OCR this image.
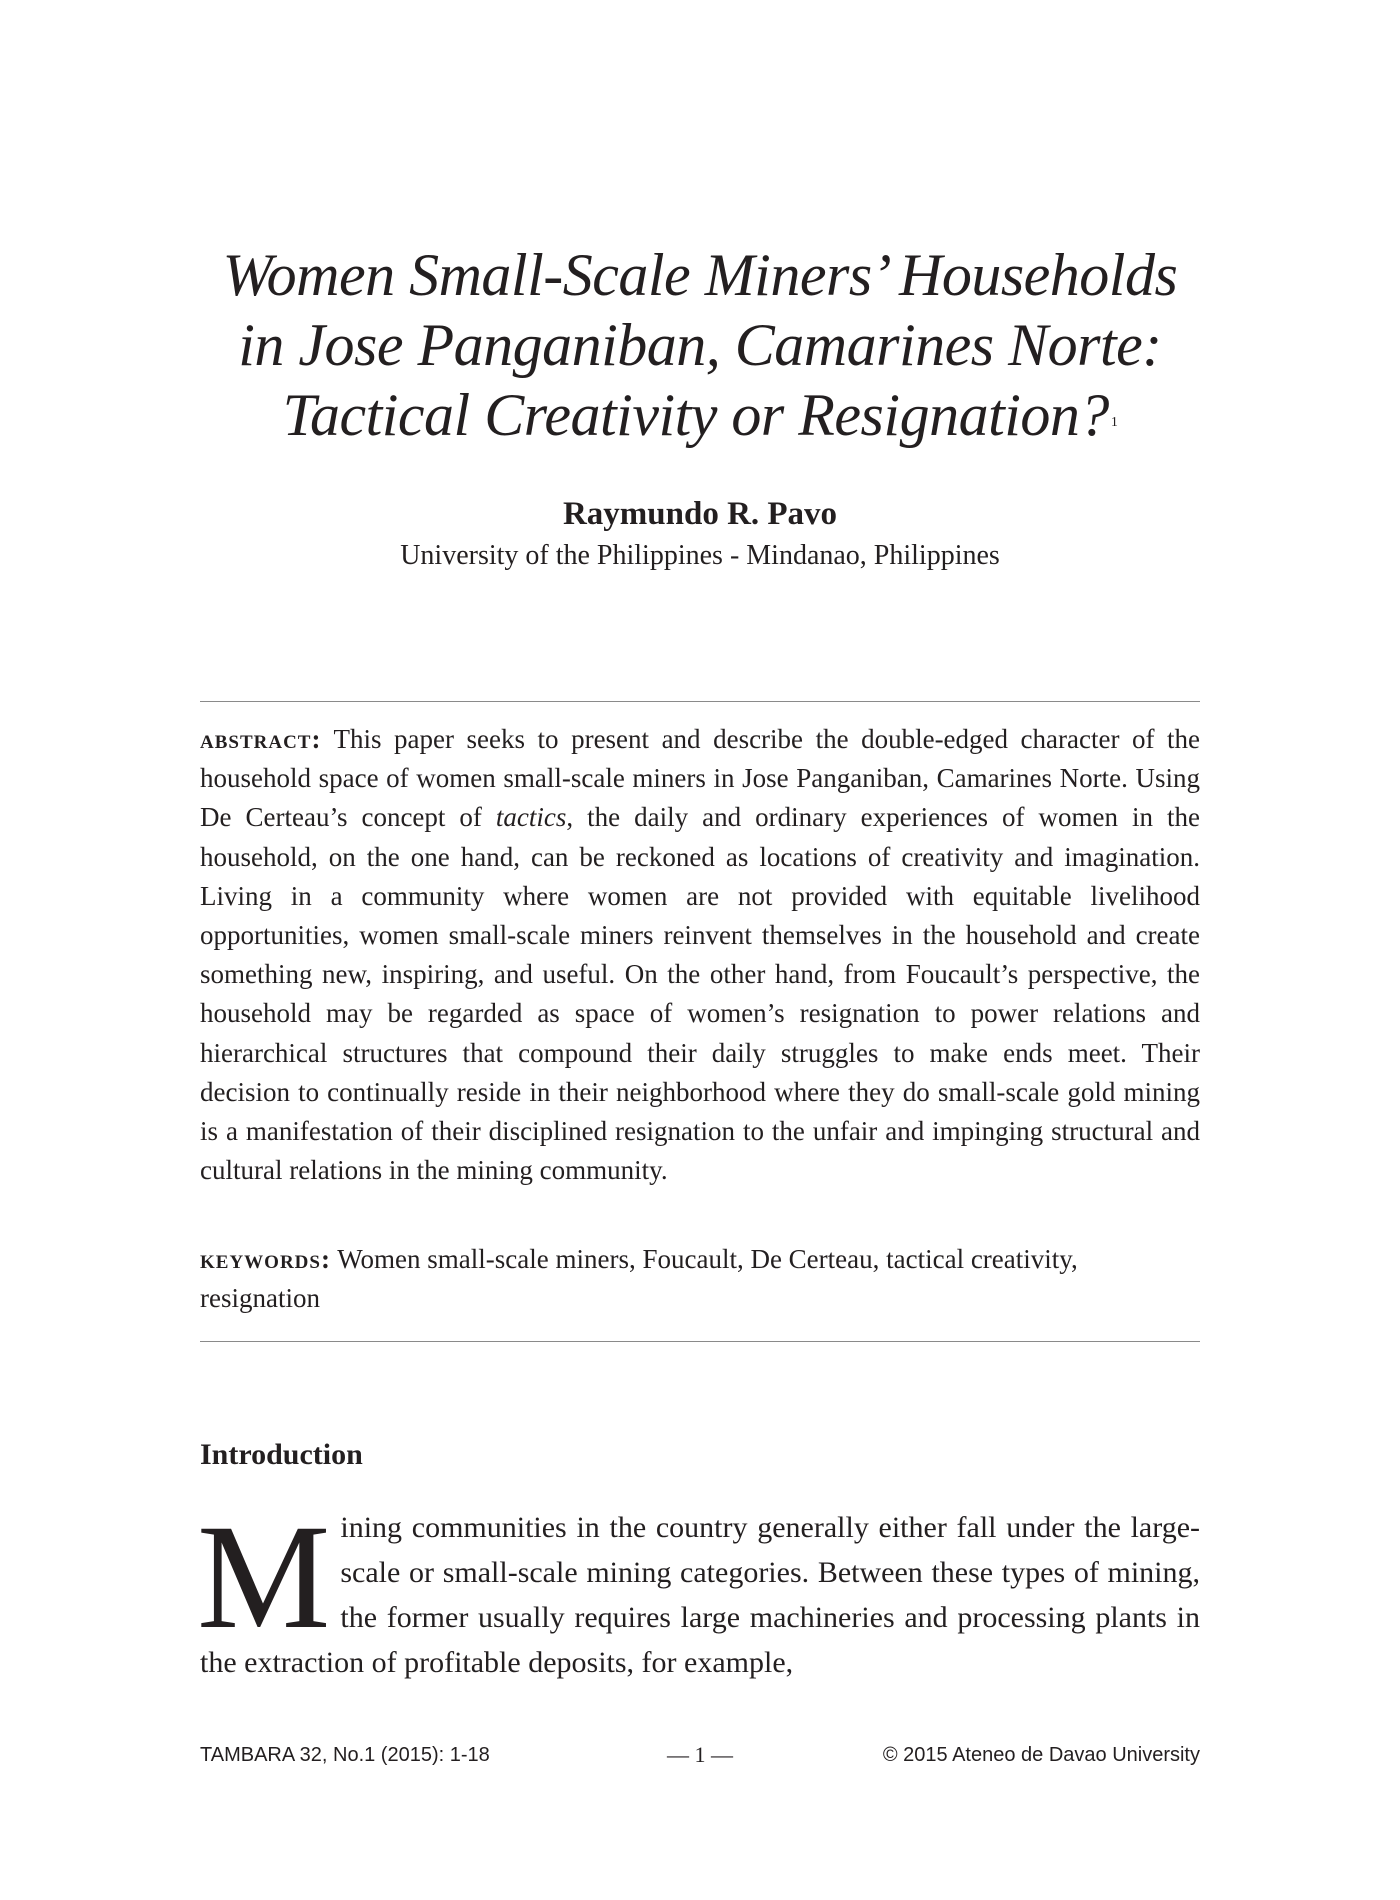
Women Small-Scale Miners’ Households
in Jose Panganiban, Camarines Norte:
Tactical Creativity or Resignation? $^1$
Raymundo R. Pavo
University of the Philippines - Mindanao, Philippines

abstract: This paper seeks to present and describe the double-edged character of the household space of women small-scale miners in Jose Panganiban, Camarines Norte. Using De Certeau’s concept of tactics, the daily and ordinary experiences of women in the household, on the one hand, can be reckoned as locations of creativity and imagination. Living in a community where women are not provided with equitable livelihood opportunities, women small-scale miners reinvent themselves in the household and create something new, inspiring, and useful. On the other hand, from Foucault’s perspective, the household may be regarded as space of women’s resignation to power relations and hierarchical structures that compound their daily struggles to make ends meet. Their decision to continually reside in their neighborhood where they do small-scale gold mining is a manifestation of their disciplined resignation to the unfair and impinging structural and cultural relations in the mining community.

keywords: Women small-scale miners, Foucault, De Certeau, tactical creativity, resignation

Introduction

Mining communities in the country generally either fall under the large-scale or small-scale mining categories. Between these types of mining, the former usually requires large machineries and processing plants in the extraction of profitable deposits, for example,

TAMBARA 32, No.1 (2015): 1-18	— 1 —	© 2015 Ateneo de Davao University
